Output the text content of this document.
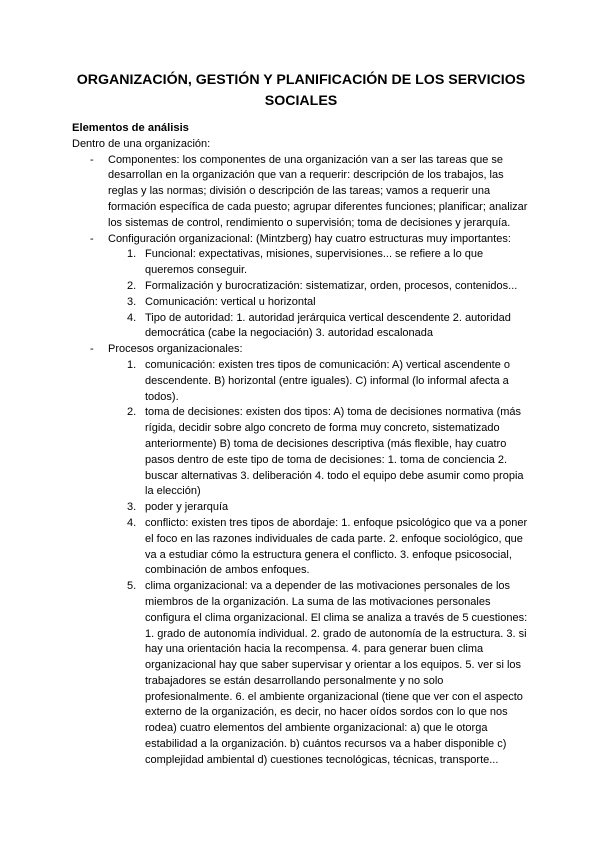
ORGANIZACIÓN, GESTIÓN Y PLANIFICACIÓN DE LOS SERVICIOS SOCIALES
Elementos de análisis

Dentro de una organización:

- Componentes: los componentes de una organización van a ser las tareas que se desarrollan en la organización que van a requerir: descripción de los trabajos, las reglas y las normas; división o descripción de las tareas; vamos a requerir una formación específica de cada puesto; agrupar diferentes funciones; planificar; analizar los sistemas de control, rendimiento o supervisión; toma de decisiones y jerarquía.
- Configuración organizacional: (Mintzberg) hay cuatro estructuras muy importantes:
1. Funcional: expectativas, misiones, supervisiones... se refiere a lo que queremos conseguir.
2. Formalización y burocratización: sistematizar, orden, procesos, contenidos...
3. Comunicación: vertical u horizontal
4. Tipo de autoridad: 1. autoridad jerárquica vertical descendente 2. autoridad democrática (cabe la negociación) 3. autoridad escalonada
- Procesos organizacionales:
1. comunicación: existen tres tipos de comunicación: A) vertical ascendente o descendente. B) horizontal (entre iguales). C) informal (lo informal afecta a todos).
2. toma de decisiones: existen dos tipos: A) toma de decisiones normativa (más rígida, decidir sobre algo concreto de forma muy concreto, sistematizado anteriormente) B) toma de decisiones descriptiva (más flexible, hay cuatro pasos dentro de este tipo de toma de decisiones: 1. toma de conciencia 2. buscar alternativas 3. deliberación 4. todo el equipo debe asumir como propia la elección)
3. poder y jerarquía
4. conflicto: existen tres tipos de abordaje: 1. enfoque psicológico que va a poner el foco en las razones individuales de cada parte. 2. enfoque sociológico, que va a estudiar cómo la estructura genera el conflicto. 3. enfoque psicosocial, combinación de ambos enfoques.
5. clima organizacional: va a depender de las motivaciones personales de los miembros de la organización. La suma de las motivaciones personales configura el clima organizacional. El clima se analiza a través de 5 cuestiones: 1. grado de autonomía individual. 2. grado de autonomía de la estructura. 3. si hay una orientación hacia la recompensa. 4. para generar buen clima organizacional hay que saber supervisar y orientar a los equipos. 5. ver si los trabajadores se están desarrollando personalmente y no solo profesionalmente. 6. el ambiente organizacional (tiene que ver con el aspecto externo de la organización, es decir, no hacer oídos sordos con lo que nos rodea) cuatro elementos del ambiente organizacional: a) que le otorga estabilidad a la organización. b) cuántos recursos va a haber disponible c) complejidad ambiental d) cuestiones tecnológicas, técnicas, transporte...
